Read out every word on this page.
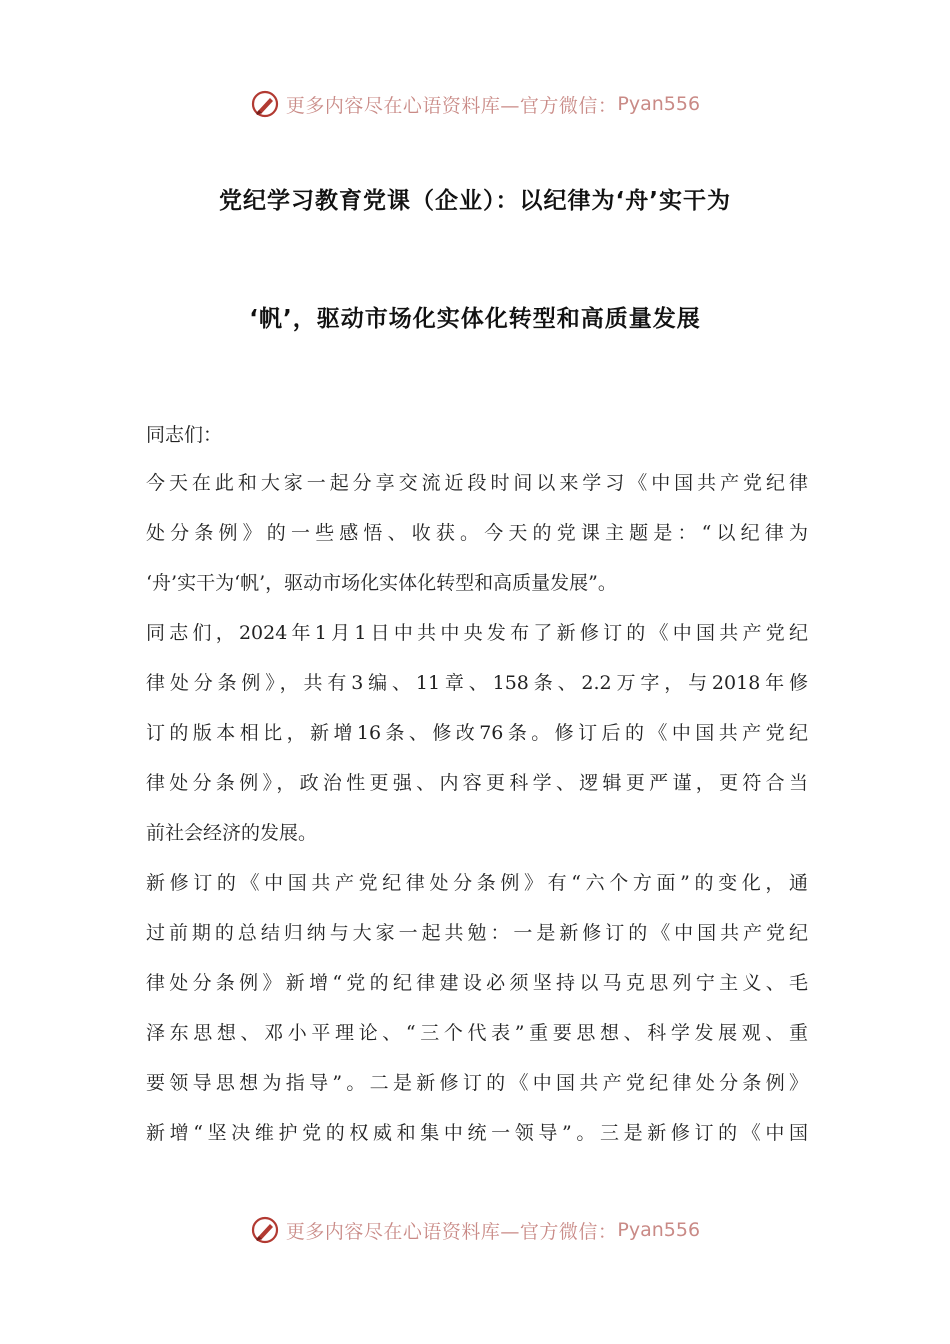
更多内容尽在心语资料库—官方微信： Pyan556
党纪学习教育党课（企业）：以纪律为‘舟’实干为
‘帆’，驱动市场化实体化转型和高质量发展
同志们：
今天在此和大家一起分享交流近段时间以来学习《中国共产党纪律
处分条例》的一些感悟、收获。今天的党课主题是：“以纪律为
‘舟’实干为‘帆’，驱动市场化实体化转型和高质量发展”。
同志们，2024年1月1日中共中央发布了新修订的《中国共产党纪
律处分条例》，共有3编、11章、158条、2.2万字，与2018年修
订的版本相比，新增16条、修改76条。修订后的《中国共产党纪
律处分条例》，政治性更强、内容更科学、逻辑更严谨，更符合当
前社会经济的发展。
新修订的《中国共产党纪律处分条例》有“六个方面”的变化，通
过前期的总结归纳与大家一起共勉：一是新修订的《中国共产党纪
律处分条例》新增“党的纪律建设必须坚持以马克思列宁主义、毛
泽东思想、邓小平理论、“三个代表”重要思想、科学发展观、重
要领导思想为指导”。二是新修订的《中国共产党纪律处分条例》
新增“坚决维护党的权威和集中统一领导”。三是新修订的《中国
更多内容尽在心语资料库—官方微信： Pyan556
